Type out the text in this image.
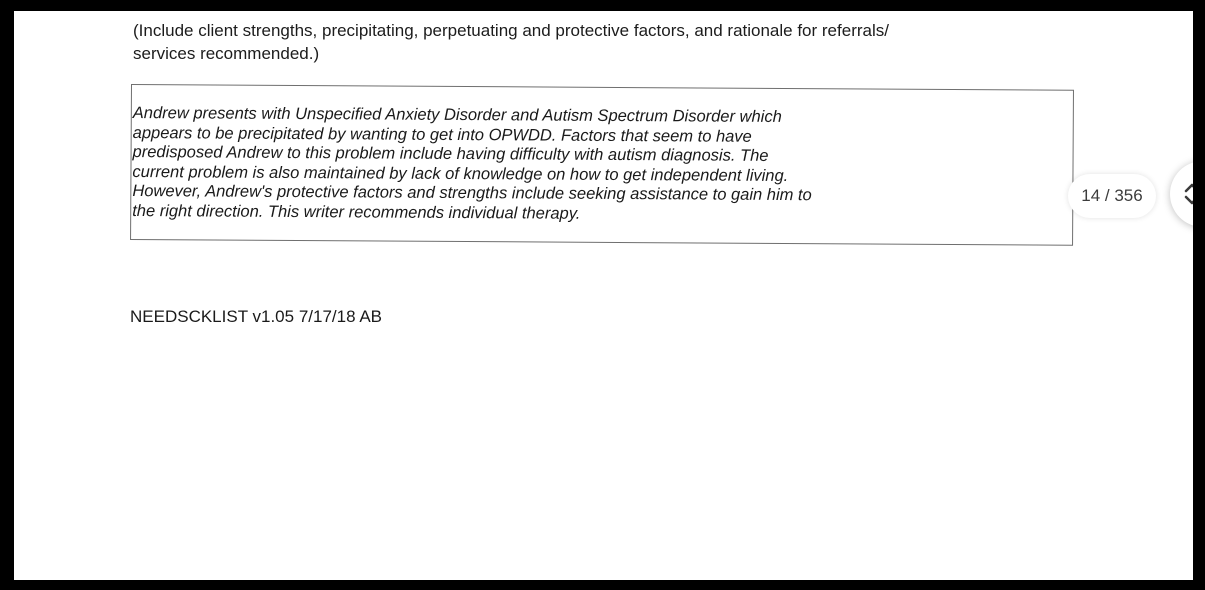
(Include client strengths, precipitating, perpetuating and protective factors, and rationale for referrals/
services recommended.)
Andrew presents with Unspecified Anxiety Disorder and Autism Spectrum Disorder which
appears to be precipitated by wanting to get into OPWDD. Factors that seem to have
predisposed Andrew to this problem include having difficulty with autism diagnosis. The
current problem is also maintained by lack of knowledge on how to get independent living.
However, Andrew's protective factors and strengths include seeking assistance to gain him to
the right direction. This writer recommends individual therapy.
NEEDSCKLIST v1.05 7/17/18 AB
14 / 356
